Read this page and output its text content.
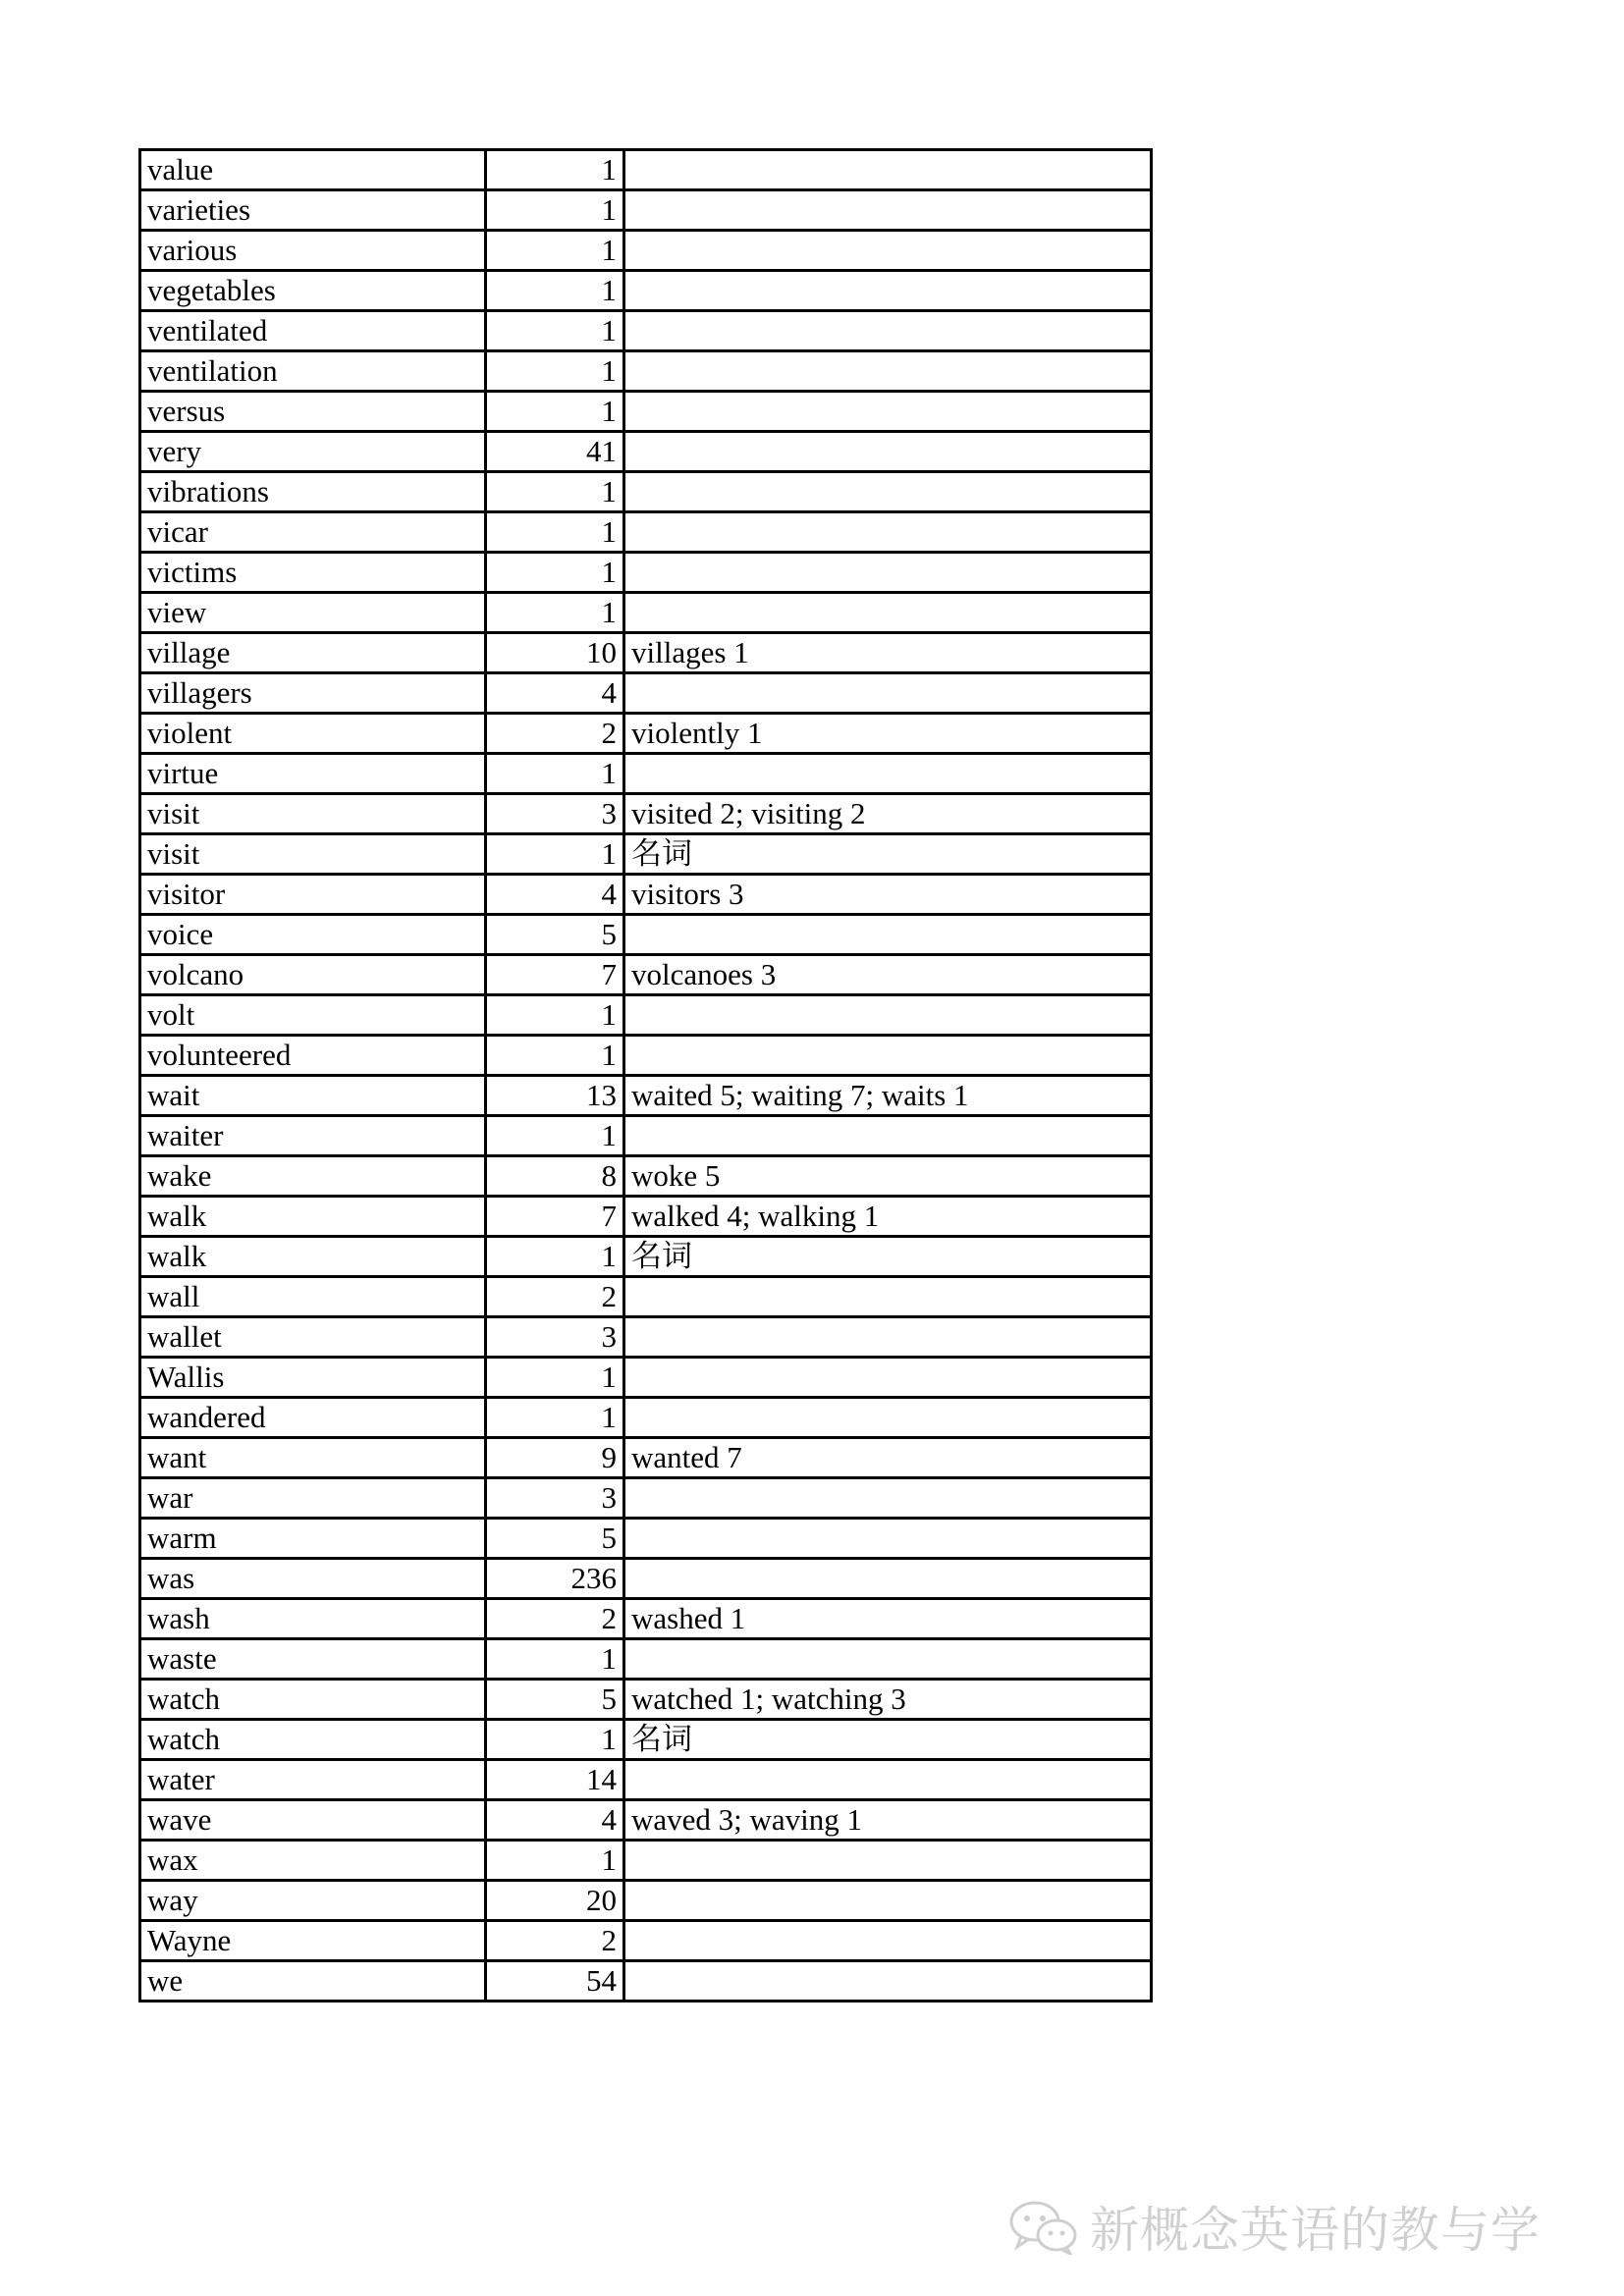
value	1	
varieties	1	
various	1	
vegetables	1	
ventilated	1	
ventilation	1	
versus	1	
very	41	
vibrations	1	
vicar	1	
victims	1	
view	1	
village	10	villages 1
villagers	4	
violent	2	violently 1
virtue	1	
visit	3	visited 2; visiting 2
visit	1	名词
visitor	4	visitors 3
voice	5	
volcano	7	volcanoes 3
volt	1	
volunteered	1	
wait	13	waited 5; waiting 7; waits 1
waiter	1	
wake	8	woke 5
walk	7	walked 4; walking 1
walk	1	名词
wall	2	
wallet	3	
Wallis	1	
wandered	1	
want	9	wanted 7
war	3	
warm	5	
was	236	
wash	2	washed 1
waste	1	
watch	5	watched 1; watching 3
watch	1	名词
water	14	
wave	4	waved 3; waving 1
wax	1	
way	20	
Wayne	2	
we	54	
新概念英语的教与学
